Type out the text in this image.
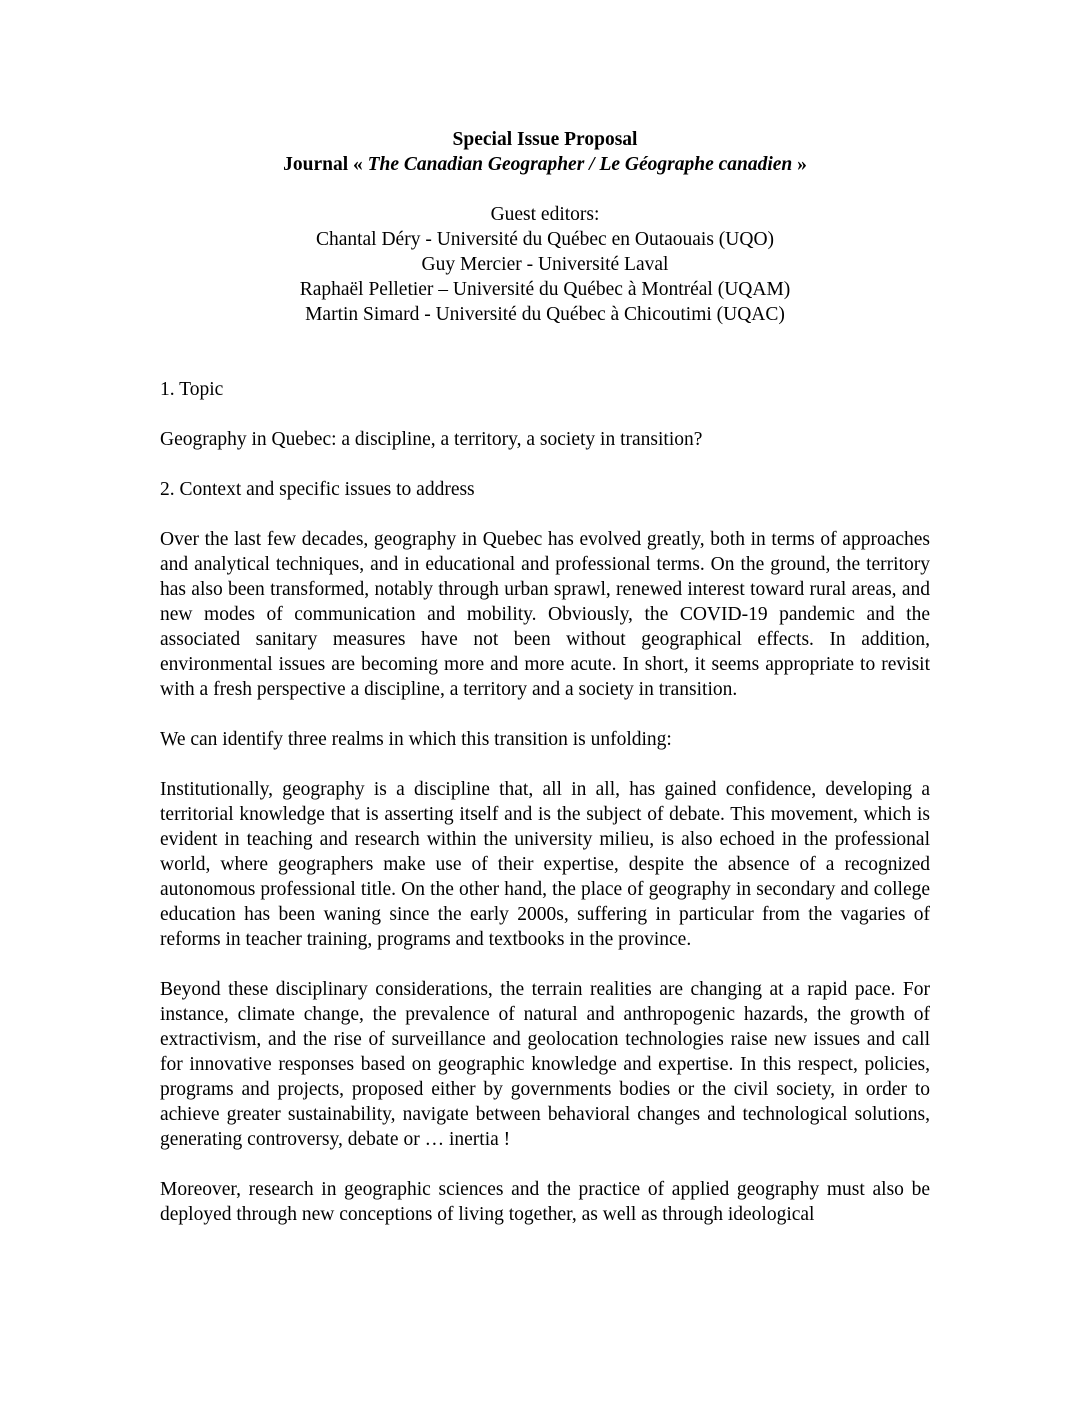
Special Issue Proposal
Journal « The Canadian Geographer / Le Géographe canadien »
Guest editors:
Chantal Déry - Université du Québec en Outaouais (UQO)
Guy Mercier - Université Laval
Raphaël Pelletier – Université du Québec à Montréal (UQAM)
Martin Simard - Université du Québec à Chicoutimi (UQAC)

1. Topic

Geography in Quebec: a discipline, a territory, a society in transition?

2. Context and specific issues to address

Over the last few decades, geography in Quebec has evolved greatly, both in terms of approaches and analytical techniques, and in educational and professional terms. On the ground, the territory has also been transformed, notably through urban sprawl, renewed interest toward rural areas, and new modes of communication and mobility. Obviously, the COVID-19 pandemic and the associated sanitary measures have not been without geographical effects. In addition, environmental issues are becoming more and more acute. In short, it seems appropriate to revisit with a fresh perspective a discipline, a territory and a society in transition.

We can identify three realms in which this transition is unfolding:

Institutionally, geography is a discipline that, all in all, has gained confidence, developing a territorial knowledge that is asserting itself and is the subject of debate. This movement, which is evident in teaching and research within the university milieu, is also echoed in the professional world, where geographers make use of their expertise, despite the absence of a recognized autonomous professional title. On the other hand, the place of geography in secondary and college education has been waning since the early 2000s, suffering in particular from the vagaries of reforms in teacher training, programs and textbooks in the province.

Beyond these disciplinary considerations, the terrain realities are changing at a rapid pace. For instance, climate change, the prevalence of natural and anthropogenic hazards, the growth of extractivism, and the rise of surveillance and geolocation technologies raise new issues and call for innovative responses based on geographic knowledge and expertise. In this respect, policies, programs and projects, proposed either by governments bodies or the civil society, in order to achieve greater sustainability, navigate between behavioral changes and technological solutions, generating controversy, debate or … inertia !

Moreover, research in geographic sciences and the practice of applied geography must also be deployed through new conceptions of living together, as well as through ideological
